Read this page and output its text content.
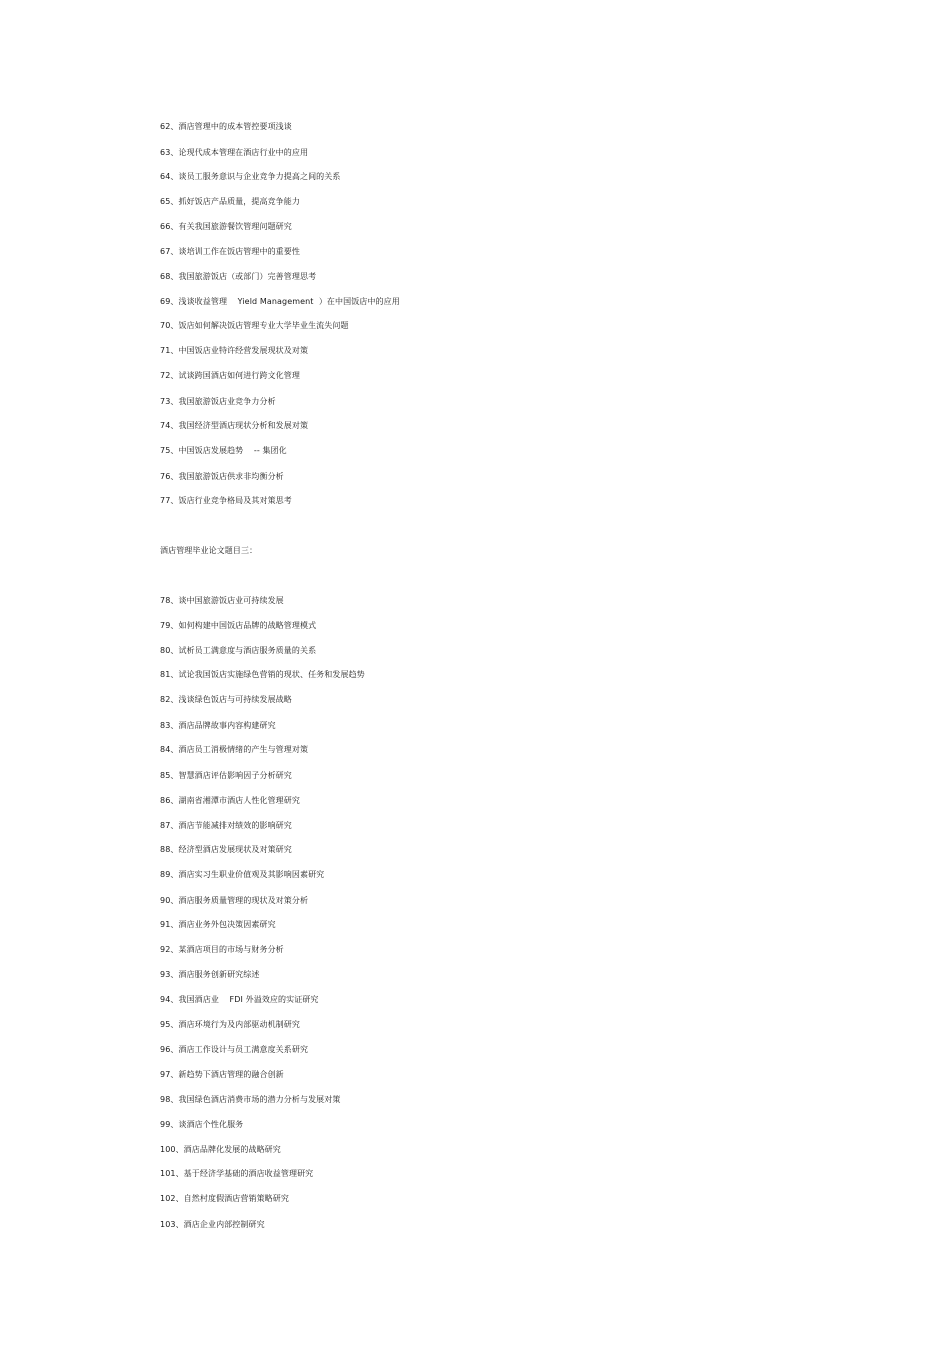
62、酒店管理中的成本管控要项浅谈
63、论现代成本管理在酒店行业中的应用
64、谈员工服务意识与企业竞争力提高之间的关系
65、抓好饭店产品质量，提高竞争能力
66、有关我国旅游餐饮管理问题研究
67、谈培训工作在饭店管理中的重要性
68、我国旅游饭店（或部门）完善管理思考
69、浅谈收益管理    Yield Management  ）在中国饭店中的应用
70、饭店如何解决饭店管理专业大学毕业生流失问题
71、中国饭店业特许经营发展现状及对策
72、试谈跨国酒店如何进行跨文化管理
73、我国旅游饭店业竞争力分析
74、我国经济型酒店现状分析和发展对策
75、中国饭店发展趋势    -- 集团化
76、我国旅游饭店供求非均衡分析
77、饭店行业竞争格局及其对策思考
酒店管理毕业论文题目三：
78、谈中国旅游饭店业可持续发展
79、如何构建中国饭店品牌的战略管理模式
80、试析员工满意度与酒店服务质量的关系
81、试论我国饭店实施绿色营销的现状、任务和发展趋势
82、浅谈绿色饭店与可持续发展战略
83、酒店品牌故事内容构建研究
84、酒店员工消极情绪的产生与管理对策
85、智慧酒店评估影响因子分析研究
86、湖南省湘潭市酒店人性化管理研究
87、酒店节能减排对绩效的影响研究
88、经济型酒店发展现状及对策研究
89、酒店实习生职业价值观及其影响因素研究
90、酒店服务质量管理的现状及对策分析
91、酒店业务外包决策因素研究
92、某酒店项目的市场与财务分析
93、酒店服务创新研究综述
94、我国酒店业    FDI 外溢效应的实证研究
95、酒店环境行为及内部驱动机制研究
96、酒店工作设计与员工满意度关系研究
97、新趋势下酒店管理的融合创新
98、我国绿色酒店消费市场的潜力分析与发展对策
99、谈酒店个性化服务
100、酒店品牌化发展的战略研究
101、基于经济学基础的酒店收益管理研究
102、自然村度假酒店营销策略研究
103、酒店企业内部控制研究
